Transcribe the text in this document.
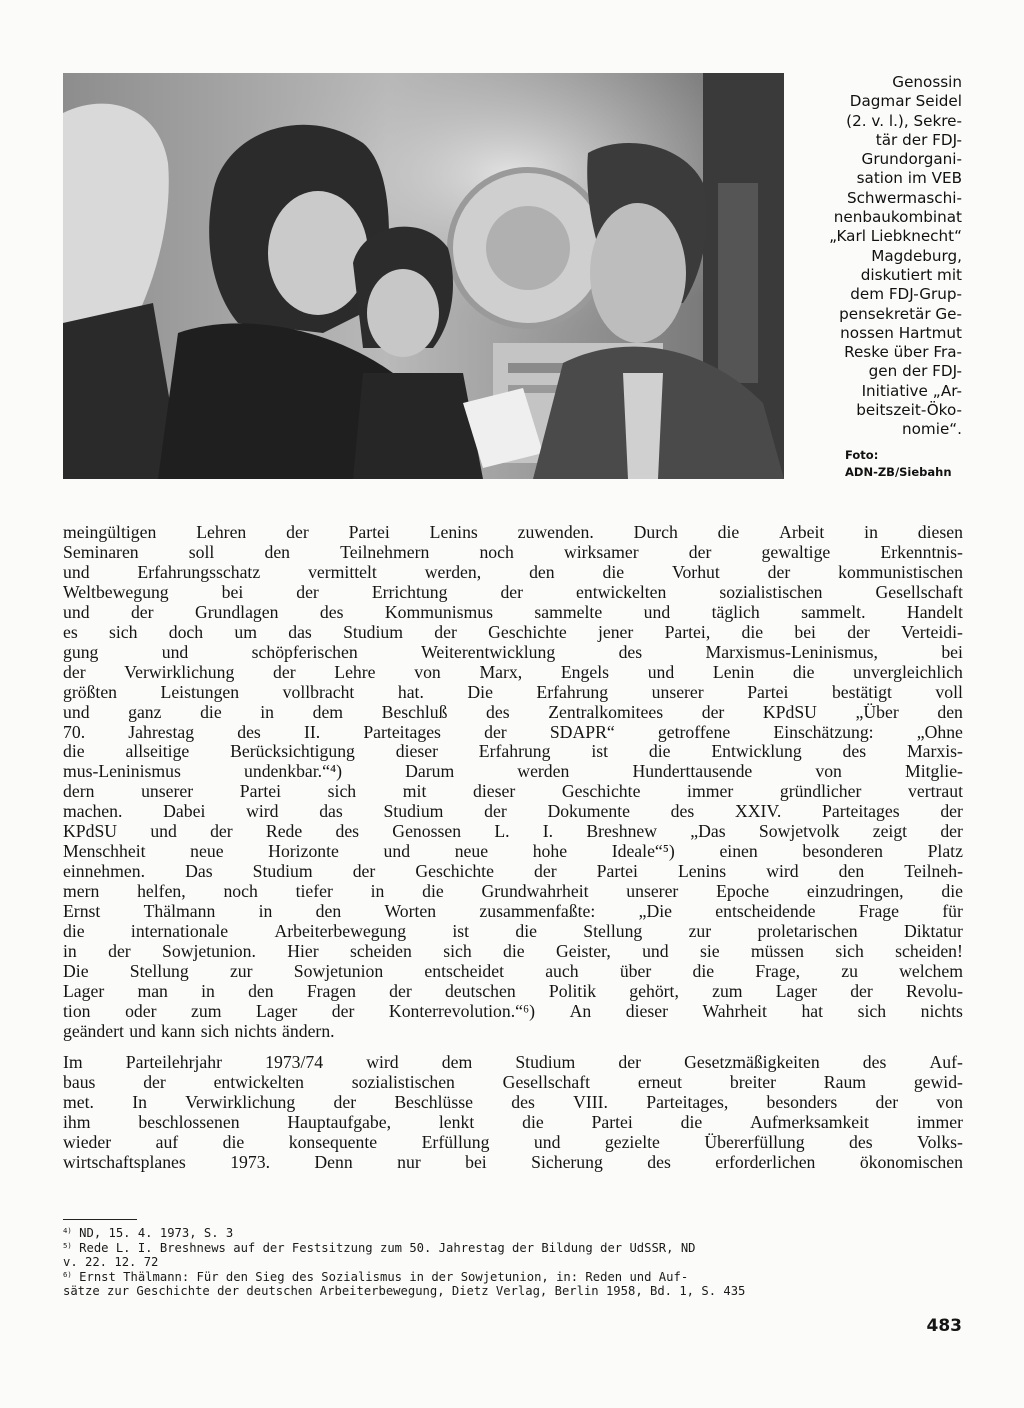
Genossin
Dagmar Seidel
(2. v. l.), Sekre-
tär der FDJ-
Grundorgani-
sation im VEB
Schwermaschi-
nenbaukombinat
„Karl Liebknecht“
Magdeburg,
diskutiert mit
dem FDJ-Grup-
pensekretär Ge-
nossen Hartmut
Reske über Fra-
gen der FDJ-
Initiative „Ar-
beitszeit-Öko-
nomie“.
Foto:
ADN-ZB/Siebahn
meingültigen Lehren der Partei Lenins zuwenden. Durch die Arbeit in diesen
Seminaren	soll	den	Teilnehmern	noch	wirksamer	der	gewaltige	Erkenntnis-
und	Erfahrungsschatz	vermittelt	werden,	den	die	Vorhut	der	kommunistischen
Weltbewegung	bei	der	Errichtung	der	entwickelten	sozialistischen	Gesellschaft
und der Grundlagen des Kommunismus sammelte und täglich sammelt. Handelt
es sich doch um das Studium der Geschichte jener Partei, die bei der Verteidi-
gung	und	schöpferischen	Weiterentwicklung	des	Marxismus-Leninismus,	bei
der Verwirklichung der Lehre von Marx, Engels und Lenin die unvergleichlich
größten Leistungen vollbracht hat. Die Erfahrung unserer Partei bestätigt voll
und ganz die in dem Beschluß des Zentralkomitees der KPdSU „Über den
70. Jahrestag des II. Parteitages der SDAPR“ getroffene Einschätzung: „Ohne
die allseitige Berücksichtigung dieser Erfahrung ist die Entwicklung des Marxis-
mus-Leninismus	undenkbar.“⁴)	Darum	werden	Hunderttausende	von	Mitglie-
dern	unserer	Partei	sich	mit	dieser	Geschichte	immer	gründlicher	vertraut
machen. Dabei wird das Studium der Dokumente des XXIV. Parteitages der
KPdSU und der Rede des Genossen L. I. Breshnew „Das Sowjetvolk zeigt der
Menschheit	neue	Horizonte	und	neue	hohe	Ideale“⁵)	einen	besonderen	Platz
einnehmen. Das Studium der Geschichte der Partei Lenins wird den Teilneh-
mern helfen, noch tiefer in die Grundwahrheit unserer Epoche einzudringen, die
Ernst Thälmann in den Worten zusammenfaßte: „Die entscheidende Frage für
die	internationale	Arbeiterbewegung	ist	die	Stellung	zur	proletarischen	Diktatur
in der Sowjetunion. Hier scheiden sich die Geister, und sie müssen sich scheiden!
Die Stellung zur Sowjetunion entscheidet auch über die Frage, zu welchem
Lager man in den Fragen der deutschen Politik gehört, zum Lager der Revolu-
tion oder zum Lager der Konterrevolution.“⁶) An dieser Wahrheit hat sich nichts
geändert und kann sich nichts ändern.
Im Parteilehrjahr 1973/74 wird dem Studium der Gesetzmäßigkeiten des Auf-
baus	der	entwickelten	sozialistischen	Gesellschaft	erneut	breiter	Raum	gewid-
met. In Verwirklichung der Beschlüsse des VIII. Parteitages, besonders der von
ihm	beschlossenen	Hauptaufgabe,	lenkt	die	Partei	die	Aufmerksamkeit	immer
wieder	auf	die	konsequente	Erfüllung	und	gezielte	Übererfüllung	des	Volks-
wirtschaftsplanes	1973.	Denn	nur	bei	Sicherung	des	erforderlichen	ökonomischen
$^{4)}$ ND, 15. 4. 1973, S. 3
$^{5)}$ Rede L. I. Breshnews auf der Festsitzung zum 50. Jahrestag der Bildung der UdSSR, ND
v. 22. 12. 72
$^{6)}$ Ernst Thälmann: Für den Sieg des Sozialismus in der Sowjetunion, in: Reden und Auf-
sätze zur Geschichte der deutschen Arbeiterbewegung, Dietz Verlag, Berlin 1958, Bd. 1, S. 435
483
